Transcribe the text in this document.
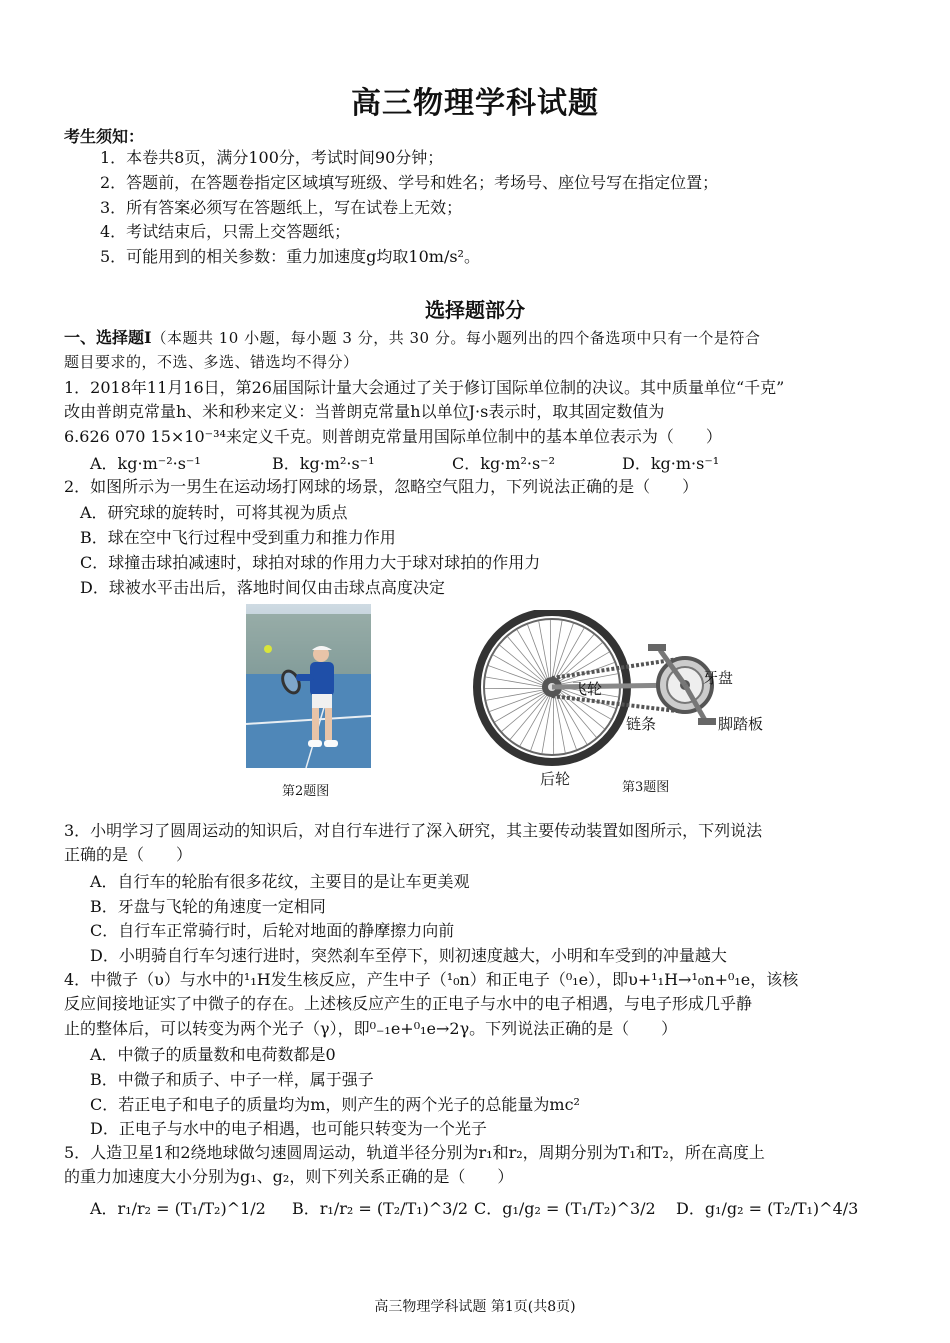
高三物理学科试题
考生须知：
1．本卷共8页，满分100分，考试时间90分钟；
2．答题前，在答题卷指定区域填写班级、学号和姓名；考场号、座位号写在指定位置；
3．所有答案必须写在答题纸上，写在试卷上无效；
4．考试结束后，只需上交答题纸；
5．可能用到的相关参数：重力加速度g均取10m/s²。
选择题部分
一、选择题I（本题共 10 小题，每小题 3 分，共 30 分。每小题列出的四个备选项中只有一个是符合
题目要求的，不选、多选、错选均不得分）
1．2018年11月16日，第26届国际计量大会通过了关于修订国际单位制的决议。其中质量单位“千克”
改由普朗克常量h、米和秒来定义：当普朗克常量h以单位J·s表示时，取其固定数值为
6.626 070 15×10⁻³⁴来定义千克。则普朗克常量用国际单位制中的基本单位表示为（　　）
A．kg·m⁻²·s⁻¹	B．kg·m²·s⁻¹	C．kg·m²·s⁻²	D．kg·m·s⁻¹
2．如图所示为一男生在运动场打网球的场景，忽略空气阻力，下列说法正确的是（　　）
A．研究球的旋转时，可将其视为质点
B．球在空中飞行过程中受到重力和推力作用
C．球撞击球拍减速时，球拍对球的作用力大于球对球拍的作用力
D．球被水平击出后，落地时间仅由击球点高度决定
第2题图
飞轮
牙盘
链条	脚踏板
后轮	第3题图
3．小明学习了圆周运动的知识后，对自行车进行了深入研究，其主要传动装置如图所示，下列说法
正确的是（　　）
A．自行车的轮胎有很多花纹，主要目的是让车更美观
B．牙盘与飞轮的角速度一定相同
C．自行车正常骑行时，后轮对地面的静摩擦力向前
D．小明骑自行车匀速行进时，突然刹车至停下，则初速度越大，小明和车受到的冲量越大
4．中微子（υ）与水中的¹₁H发生核反应，产生中子（¹₀n）和正电子（⁰₁e），即υ+¹₁H→¹₀n+⁰₁e，该核
反应间接地证实了中微子的存在。上述核反应产生的正电子与水中的电子相遇，与电子形成几乎静
止的整体后，可以转变为两个光子（γ），即⁰₋₁e+⁰₁e→2γ。下列说法正确的是（　　）
A．中微子的质量数和电荷数都是0
B．中微子和质子、中子一样，属于强子
C．若正电子和电子的质量均为m，则产生的两个光子的总能量为mc²
D．正电子与水中的电子相遇，也可能只转变为一个光子
5．人造卫星1和2绕地球做匀速圆周运动，轨道半径分别为r₁和r₂，周期分别为T₁和T₂，所在高度上
的重力加速度大小分别为g₁、g₂，则下列关系正确的是（　　）
A．r₁/r₂ = (T₁/T₂)^1/2 B．r₁/r₂ = (T₂/T₁)^3/2 C．g₁/g₂ = (T₁/T₂)^3/2 D．g₁/g₂ = (T₂/T₁)^4/3
高三物理学科试题 第1页(共8页)
